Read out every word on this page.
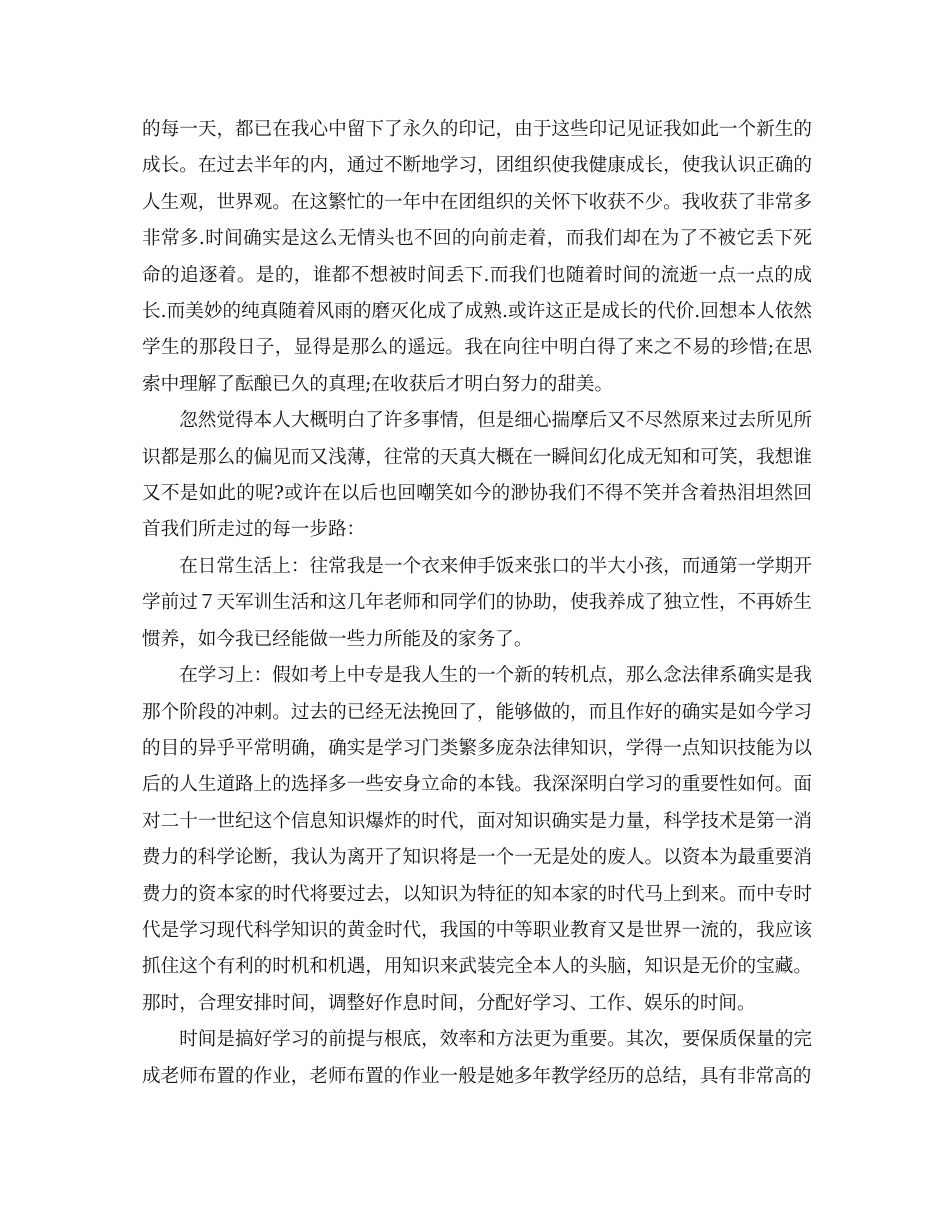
的每一天，都已在我心中留下了永久的印记，由于这些印记见证我如此一个新生的成长。在过去半年的内，通过不断地学习，团组织使我健康成长，使我认识正确的人生观，世界观。在这繁忙的一年中在团组织的关怀下收获不少。我收获了非常多非常多.时间确实是这么无情头也不回的向前走着，而我们却在为了不被它丢下死命的追逐着。是的，谁都不想被时间丢下.而我们也随着时间的流逝一点一点的成长.而美妙的纯真随着风雨的磨灭化成了成熟.或许这正是成长的代价.回想本人依然学生的那段日子，显得是那么的遥远。我在向往中明白得了来之不易的珍惜;在思索中理解了酝酿已久的真理;在收获后才明白努力的甜美。

忽然觉得本人大概明白了许多事情，但是细心揣摩后又不尽然原来过去所见所识都是那么的偏见而又浅薄，往常的天真大概在一瞬间幻化成无知和可笑，我想谁又不是如此的呢?或许在以后也回嘲笑如今的渺协我们不得不笑并含着热泪坦然回首我们所走过的每一步路：

在日常生活上：往常我是一个衣来伸手饭来张口的半大小孩，而通第一学期开学前过７天军训生活和这几年老师和同学们的协助，使我养成了独立性，不再娇生惯养，如今我已经能做一些力所能及的家务了。

在学习上：假如考上中专是我人生的一个新的转机点，那么念法律系确实是我那个阶段的冲刺。过去的已经无法挽回了，能够做的，而且作好的确实是如今学习的目的异乎平常明确，确实是学习门类繁多庞杂法律知识，学得一点知识技能为以后的人生道路上的选择多一些安身立命的本钱。我深深明白学习的重要性如何。面对二十一世纪这个信息知识爆炸的时代，面对知识确实是力量，科学技术是第一消费力的科学论断，我认为离开了知识将是一个一无是处的废人。以资本为最重要消费力的资本家的时代将要过去，以知识为特征的知本家的时代马上到来。而中专时代是学习现代科学知识的黄金时代，我国的中等职业教育又是世界一流的，我应该抓住这个有利的时机和机遇，用知识来武装完全本人的头脑，知识是无价的宝藏。那时，合理安排时间，调整好作息时间，分配好学习、工作、娱乐的时间。

时间是搞好学习的前提与根底，效率和方法更为重要。其次，要保质保量的完成老师布置的作业，老师布置的作业一般是她多年教学经历的总结，具有非常高的
